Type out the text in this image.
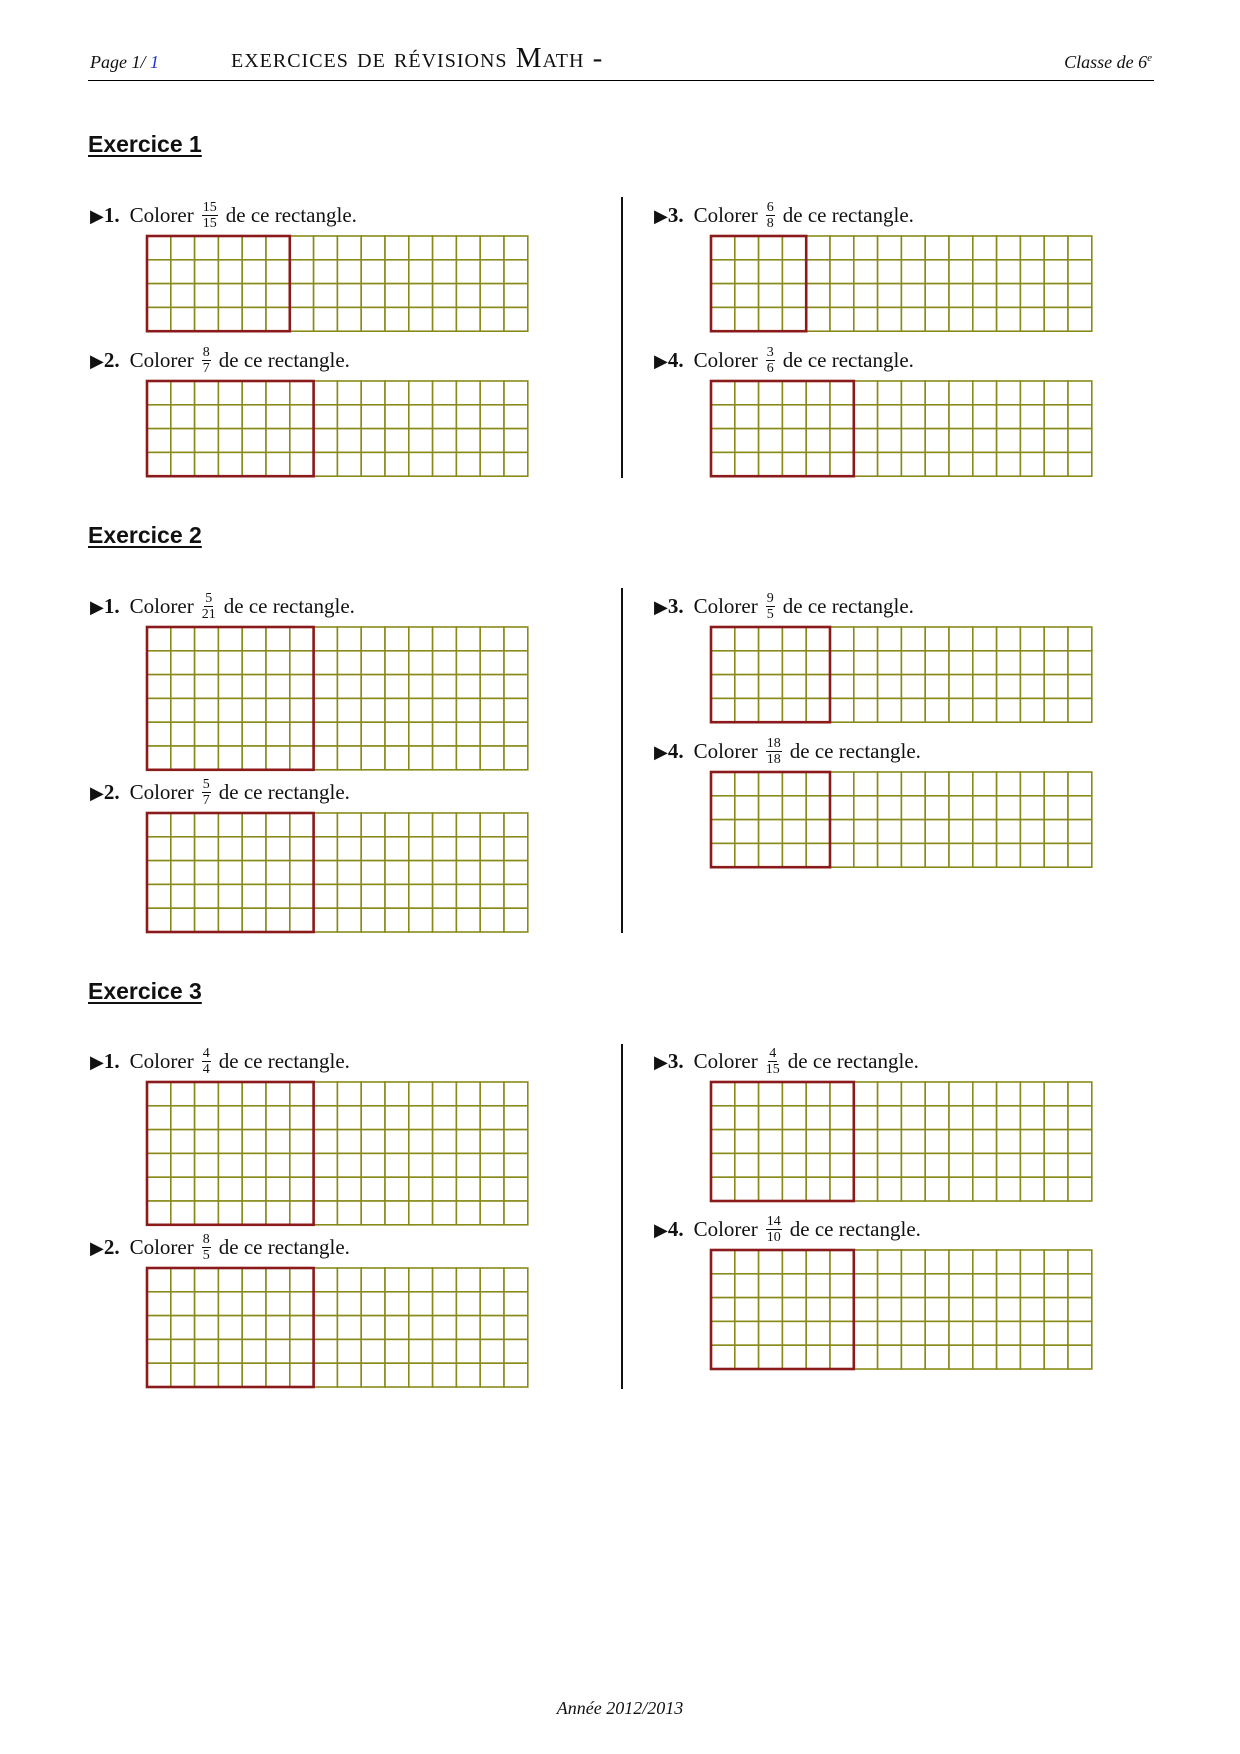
Page 1/ 1 exercices de révisions Math -	Classe de 6e
Exercice 1
Exercice 2
Exercice 3
▶1. Colorer $\frac{15}{15}$ de ce rectangle.
▶2. Colorer $\frac{8}{7}$ de ce rectangle.
▶3. Colorer $\frac{6}{8}$ de ce rectangle.
▶4. Colorer $\frac{3}{6}$ de ce rectangle.
▶1. Colorer $\frac{5}{21}$ de ce rectangle.
▶2. Colorer $\frac{5}{7}$ de ce rectangle.
▶3. Colorer $\frac{9}{5}$ de ce rectangle.
▶4. Colorer $\frac{18}{18}$ de ce rectangle.
▶1. Colorer $\frac{4}{4}$ de ce rectangle.
▶2. Colorer $\frac{8}{5}$ de ce rectangle.
▶3. Colorer $\frac{4}{15}$ de ce rectangle.
▶4. Colorer $\frac{14}{10}$ de ce rectangle.
Année 2012/2013
